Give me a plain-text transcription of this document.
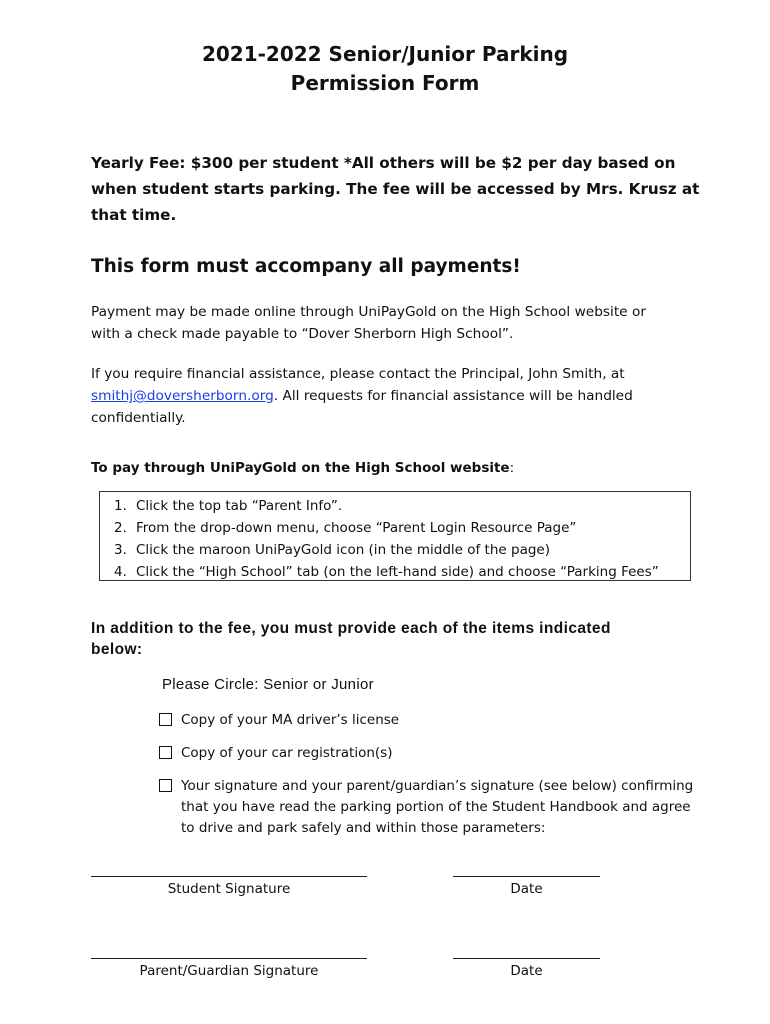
2021-2022 Senior/Junior Parking
Permission Form
Yearly Fee: $300 per student *All others will be $2 per day based on
when student starts parking. The fee will be accessed by Mrs. Krusz at
that time.
This form must accompany all payments!
Payment may be made online through UniPayGold on the High School website or
with a check made payable to “Dover Sherborn High School”.
If you require financial assistance, please contact the Principal, John Smith, at
smithj@doversherborn.org. All requests for financial assistance will be handled
confidentially.
To pay through UniPayGold on the High School website:
1. Click the top tab “Parent Info”.
2. From the drop-down menu, choose “Parent Login Resource Page”
3. Click the maroon UniPayGold icon (in the middle of the page)
4. Click the “High School” tab (on the left-hand side) and choose “Parking Fees”
In addition to the fee, you must provide each of the items indicated
below:
Please Circle: Senior or Junior
Copy of your MA driver’s license
Copy of your car registration(s)
Your signature and your parent/guardian’s signature (see below) confirming
that you have read the parking portion of the Student Handbook and agree
to drive and park safely and within those parameters:
Student Signature	Date
Parent/Guardian Signature	Date
